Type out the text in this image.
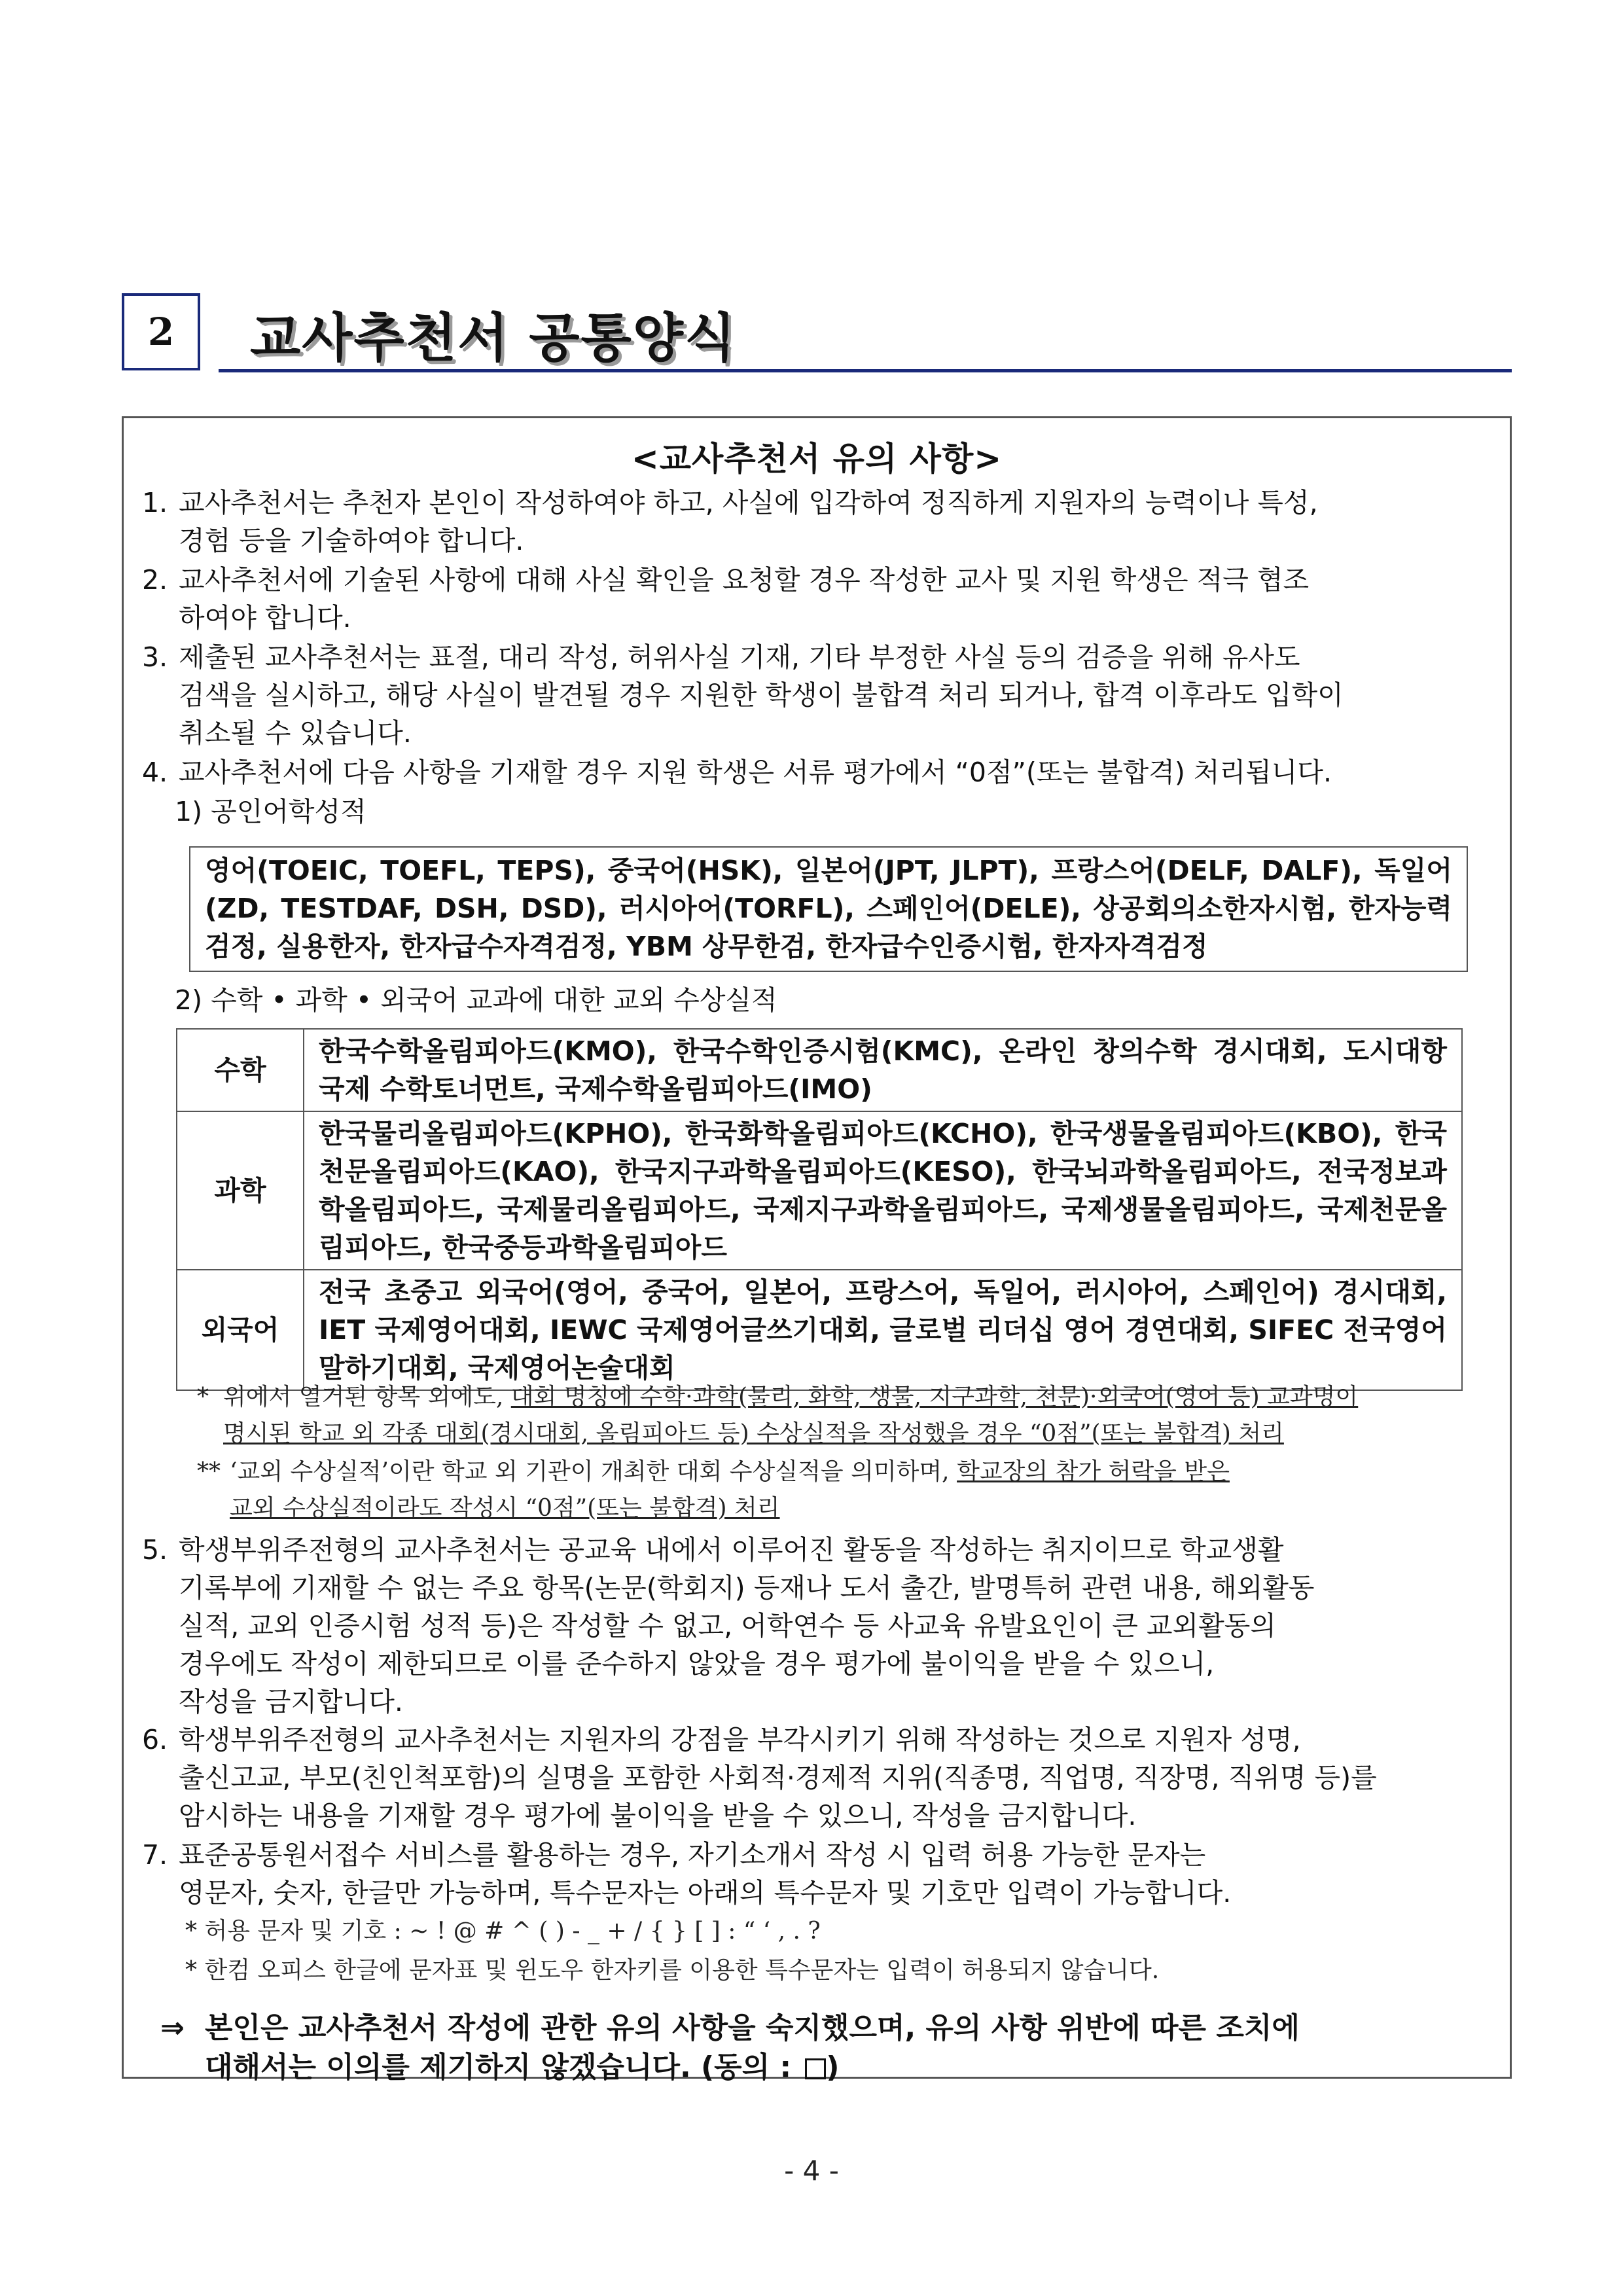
2 교사추천서 공통양식
<교사추천서 유의 사항>
1. 교사추천서는 추천자 본인이 작성하여야 하고, 사실에 입각하여 정직하게 지원자의 능력이나 특성,
경험 등을 기술하여야 합니다.
2. 교사추천서에 기술된 사항에 대해 사실 확인을 요청할 경우 작성한 교사 및 지원 학생은 적극 협조
하여야 합니다.
3. 제출된 교사추천서는 표절, 대리 작성, 허위사실 기재, 기타 부정한 사실 등의 검증을 위해 유사도
검색을 실시하고, 해당 사실이 발견될 경우 지원한 학생이 불합격 처리 되거나, 합격 이후라도 입학이
취소될 수 있습니다.
4. 교사추천서에 다음 사항을 기재할 경우 지원 학생은 서류 평가에서 “0점”(또는 불합격) 처리됩니다.
1) 공인어학성적
영어(TOEIC, TOEFL, TEPS), 중국어(HSK), 일본어(JPT, JLPT), 프랑스어(DELF, DALF), 독일어(ZD, TESTDAF, DSH, DSD), 러시아어(TORFL), 스페인어(DELE), 상공회의소한자시험, 한자능력검정, 실용한자, 한자급수자격검정, YBM 상무한검, 한자급수인증시험, 한자자격검정
2) 수학 • 과학 • 외국어 교과에 대한 교외 수상실적
수학	한국수학올림피아드(KMO), 한국수학인증시험(KMC), 온라인 창의수학 경시대회, 도시대항 국제 수학토너먼트, 국제수학올림피아드(IMO)
과학	한국물리올림피아드(KPHO), 한국화학올림피아드(KCHO), 한국생물올림피아드(KBO), 한국천문올림피아드(KAO), 한국지구과학올림피아드(KESO), 한국뇌과학올림피아드, 전국정보과학올림피아드, 국제물리올림피아드, 국제지구과학올림피아드, 국제생물올림피아드, 국제천문올림피아드, 한국중등과학올림피아드
외국어	전국 초중고 외국어(영어, 중국어, 일본어, 프랑스어, 독일어, 러시아어, 스페인어) 경시대회, IET 국제영어대회, IEWC 국제영어글쓰기대회, 글로벌 리더십 영어 경연대회, SIFEC 전국영어말하기대회, 국제영어논술대회
* 위에서 열거된 항목 외에도, 대회 명칭에 수학·과학(물리, 화학, 생물, 지구과학, 천문)·외국어(영어 등) 교과명이
명시된 학교 외 각종 대회(경시대회, 올림피아드 등) 수상실적을 작성했을 경우 “0점”(또는 불합격) 처리
** ‘교외 수상실적’이란 학교 외 기관이 개최한 대회 수상실적을 의미하며, 학교장의 참가 허락을 받은
교외 수상실적이라도 작성시 “0점”(또는 불합격) 처리
5. 학생부위주전형의 교사추천서는 공교육 내에서 이루어진 활동을 작성하는 취지이므로 학교생활
기록부에 기재할 수 없는 주요 항목(논문(학회지) 등재나 도서 출간, 발명특허 관련 내용, 해외활동
실적, 교외 인증시험 성적 등)은 작성할 수 없고, 어학연수 등 사교육 유발요인이 큰 교외활동의
경우에도 작성이 제한되므로 이를 준수하지 않았을 경우 평가에 불이익을 받을 수 있으니,
작성을 금지합니다.
6. 학생부위주전형의 교사추천서는 지원자의 강점을 부각시키기 위해 작성하는 것으로 지원자 성명,
출신고교, 부모(친인척포함)의 실명을 포함한 사회적·경제적 지위(직종명, 직업명, 직장명, 직위명 등)를
암시하는 내용을 기재할 경우 평가에 불이익을 받을 수 있으니, 작성을 금지합니다.
7. 표준공통원서접수 서비스를 활용하는 경우, 자기소개서 작성 시 입력 허용 가능한 문자는
영문자, 숫자, 한글만 가능하며, 특수문자는 아래의 특수문자 및 기호만 입력이 가능합니다.
* 허용 문자 및 기호 : ~ ! @ # ^ ( ) - _ + / { } [ ] : “ ‘ , . ?
* 한컴 오피스 한글에 문자표 및 윈도우 한자키를 이용한 특수문자는 입력이 허용되지 않습니다.
⇒ 본인은 교사추천서 작성에 관한 유의 사항을 숙지했으며, 유의 사항 위반에 따른 조치에
대해서는 이의를 제기하지 않겠습니다. (동의 : )
- 4 -
